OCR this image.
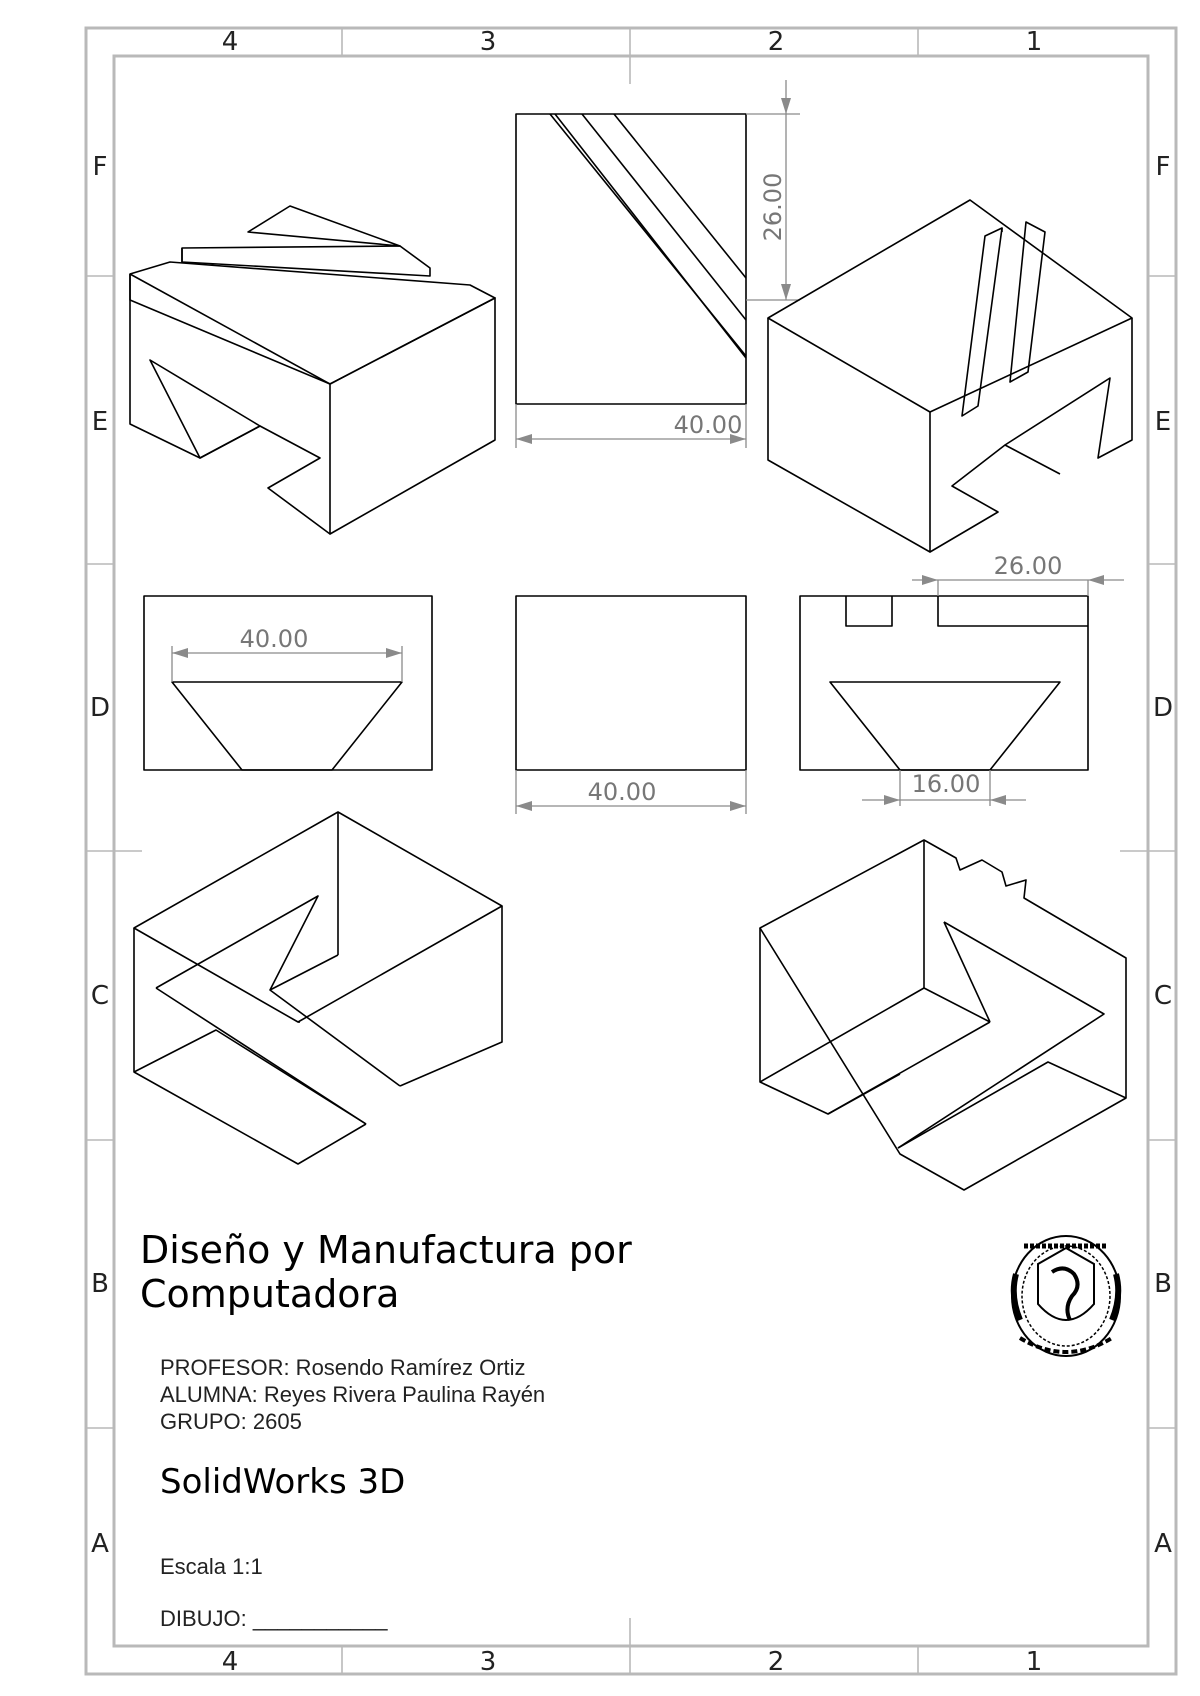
4	3	2	1
4	3	2	1
F
E
D
C
B
A
F
E
D
C
B
A
26.00
40.00
40.00
40.00
26.00
16.00
Diseño y Manufactura por Computadora

PROFESOR: Rosendo Ramírez Ortiz

ALUMNA: Reyes Rivera Paulina Rayén

GRUPO: 2605

SolidWorks 3D

Escala 1:1

DIBUJO: ___________
